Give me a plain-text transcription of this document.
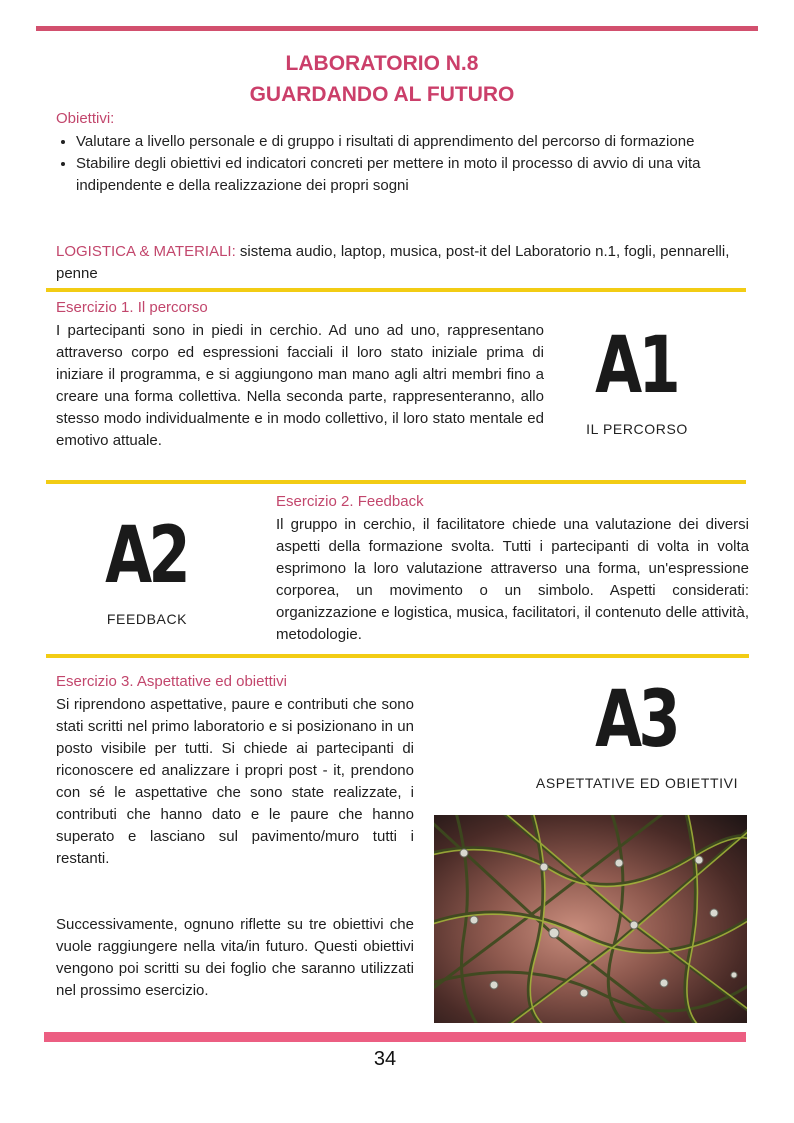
LABORATORIO N.8
GUARDANDO AL FUTURO
Obiettivi:
• Valutare a livello personale e di gruppo i risultati di apprendimento del percorso di formazione
• Stabilire degli obiettivi ed indicatori concreti per mettere in moto il processo di avvio di una vita indipendente e della realizzazione dei propri sogni
LOGISTICA & MATERIALI: sistema audio, laptop, musica, post-it del Laboratorio n.1, fogli, pennarelli, penne
Esercizio 1. Il percorso
I partecipanti sono in piedi in cerchio. Ad uno ad uno, rappresentano attraverso corpo ed espressioni facciali il loro stato iniziale prima di iniziare il programma, e si aggiungono man mano agli altri membri fino a creare una forma collettiva. Nella seconda parte, rappresenteranno, allo stesso modo individualmente e in modo collettivo, il loro stato mentale ed emotivo attuale.
A1
IL PERCORSO
A2
FEEDBACK
Esercizio 2. Feedback
Il gruppo in cerchio, il facilitatore chiede una valutazione dei diversi aspetti della formazione svolta. Tutti i partecipanti di volta in volta esprimono la loro valutazione attraverso una forma, un'espressione corporea, un movimento o un simbolo. Aspetti considerati: organizzazione e logistica, musica, facilitatori, il contenuto delle attività, metodologie.
Esercizio 3. Aspettative ed obiettivi
Si riprendono aspettative, paure e contributi che sono stati scritti nel primo laboratorio e si posizionano in un posto visibile per tutti. Si chiede ai partecipanti di riconoscere ed analizzare i propri post - it, prendono con sé le aspettative che sono state realizzate, i contributi che hanno dato e le paure che hanno superato e lasciano sul pavimento/muro tutti i restanti.
Successivamente, ognuno riflette su tre obiettivi che vuole raggiungere nella vita/in futuro. Questi obiettivi vengono poi scritti su dei foglio che saranno utilizzati nel prossimo esercizio.
A3
ASPETTATIVE ED OBIETTIVI
34
